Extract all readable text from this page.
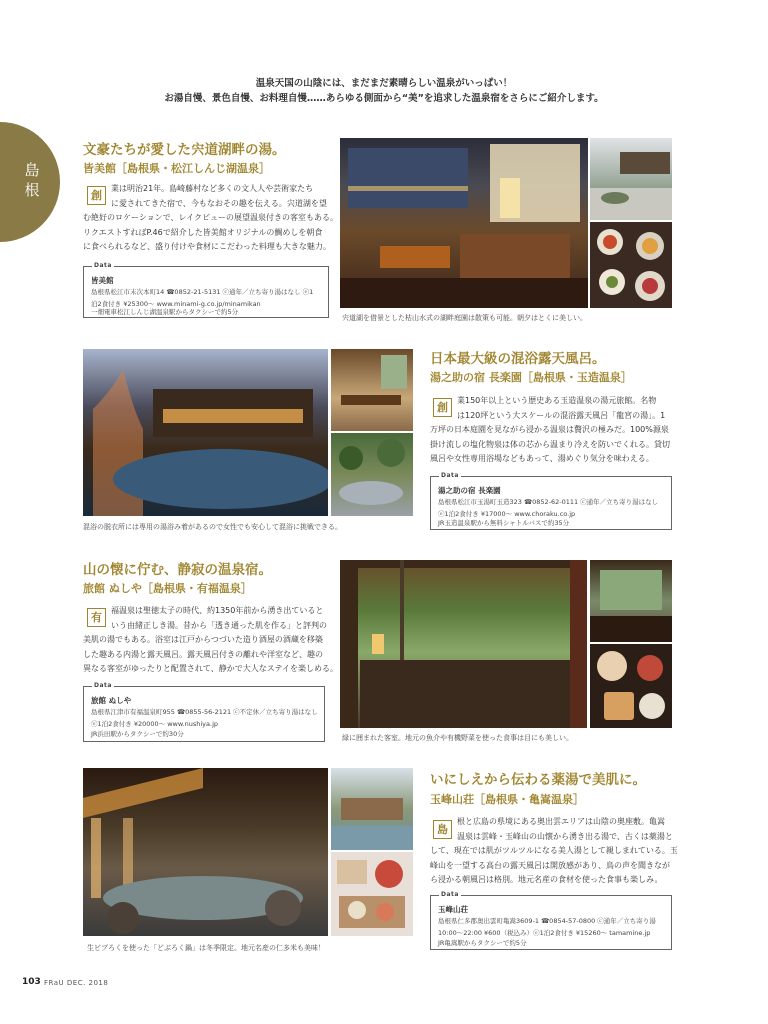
温泉天国の山陰には、まだまだ素晴らしい温泉がいっぱい！
お湯自慢、景色自慢、お料理自慢……あらゆる側面から“美”を追求した温泉宿をさらにご紹介します。
島根
文豪たちが愛した宍道湖畔の湯。
皆美館［島根県・松江しんじ湖温泉］
創
業は明治21年。島崎藤村など多くの文人人や芸術家たち
に愛されてきた宿で、今もなおその趣を伝える。宍道湖を望
む絶好のロケーションで、レイクビューの展望温泉付きの客室もある。
リクエストすればP.46で紹介した皆美館オリジナルの鯛めしを朝食
に食べられるなど、盛り付けや食材にこだわった料理も大きな魅力。
Data
皆美館
島根県松江市末次本町14 ☎0852-21-5131 ⓒ通年／立ち寄り湯はなし ⓔ1
泊2食付き ¥25300〜 www.minami-g.co.jp/minamikan
一畑電車松江しんじ湖温泉駅からタクシーで約5分
宍道湖を借景とした枯山水式の湖畔庭園は散策も可能。朝夕はとくに美しい。
混浴の脱衣所には専用の湯浴み着があるので女性でも安心して混浴に挑戦できる。
日本最大級の混浴露天風呂。
湯之助の宿 長楽園［島根県・玉造温泉］
創
業150年以上という歴史ある玉造温泉の湯元旅館。名物
は120坪という大スケールの混浴露天風呂「龍宮の湯」。1
万坪の日本庭園を見ながら浸かる温泉は贅沢の極みだ。100%源泉
掛け流しの塩化物泉は体の芯から温まり冷えを防いでくれる。貸切
風呂や女性専用浴場などもあって、湯めぐり気分を味わえる。
Data
湯之助の宿 長楽園
島根県松江市玉湯町玉造323 ☎0852-62-0111 ⓒ通年／立ち寄り湯はなし
ⓔ1泊2食付き ¥17000〜 www.choraku.co.jp
JR玉造温泉駅から無料シャトルバスで約35分
山の懐に佇む、静寂の温泉宿。
旅館 ぬしや［島根県・有福温泉］
有
福温泉は聖徳太子の時代、約1350年前から湧き出ていると
いう由緒正しき湯。昔から「透き通った肌を作る」と評判の
美肌の湯でもある。浴室は江戸からつづいた造り酒屋の酒蔵を移築
した趣ある内湯と露天風呂。露天風呂付きの離れや洋室など、趣の
異なる客室がゆったりと配置されて、静かで大人なステイを楽しめる。
Data
旅館 ぬしや
島根県江津市有福温泉町955 ☎0855-56-2121 ⓒ不定休／立ち寄り湯はなし
ⓔ1泊2食付き ¥20000〜 www.nushiya.jp
JR浜田駅からタクシーで約30分	緑に囲まれた客室。地元の魚介や有機野菜を使った食事は目にも美しい。
生ビブろくを使った「どぶろく鍋」は冬季限定。地元名産の仁多米も美味！
いにしえから伝わる薬湯で美肌に。
玉峰山荘［島根県・亀嵩温泉］
島
根と広島の県境にある奥出雲エリアは山陰の奥座敷。亀嵩
温泉は雲峰・玉峰山の山懐から湧き出る湯で、古くは薬湯と
して、現在では肌がツルツルになる美人湯として親しまれている。玉
峰山を一望する高台の露天風呂は開放感があり、鳥の声を聞きなが
ら浸かる朝風呂は格別。地元名産の食材を使った食事も楽しみ。
Data
玉峰山荘
島根県仁多郡奥出雲町亀嵩3609-1 ☎0854-57-0800 ⓒ通年／立ち寄り湯
10:00〜22:00 ¥600（税込み）ⓔ1泊2食付き ¥15260〜 tamamine.jp
JR亀嵩駅からタクシーで約5分
103 FRaU DEC. 2018
